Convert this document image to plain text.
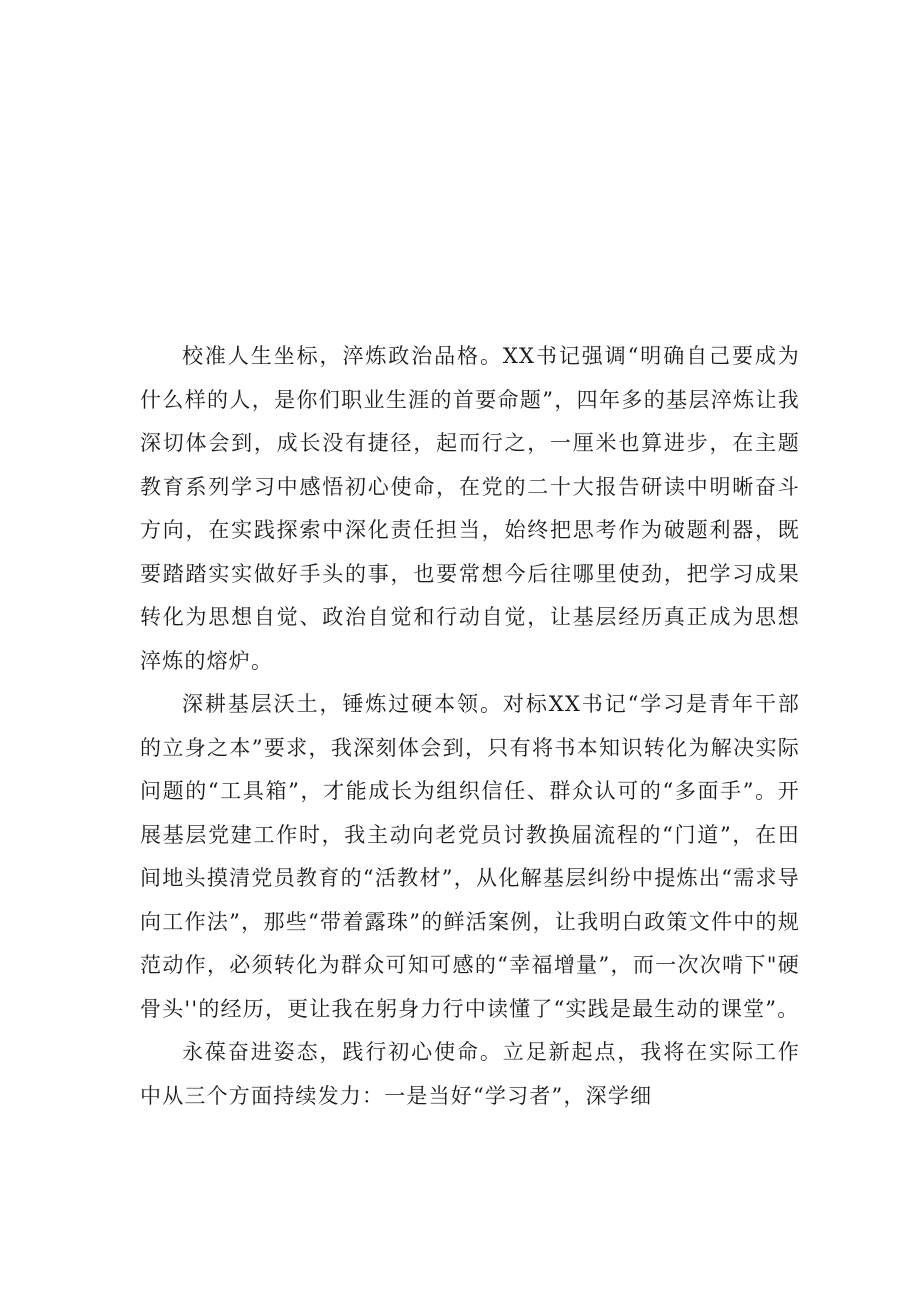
校准人生坐标，淬炼政治品格。XX书记强调“明确自己要成为什么样的人，是你们职业生涯的首要命题”，四年多的基层淬炼让我深切体会到，成长没有捷径，起而行之，一厘米也算进步，在主题教育系列学习中感悟初心使命，在党的二十大报告研读中明晰奋斗方向，在实践探索中深化责任担当，始终把思考作为破题利器，既要踏踏实实做好手头的事，也要常想今后往哪里使劲，把学习成果转化为思想自觉、政治自觉和行动自觉，让基层经历真正成为思想淬炼的熔炉。

深耕基层沃土，锤炼过硬本领。对标XX书记“学习是青年干部的立身之本”要求，我深刻体会到，只有将书本知识转化为解决实际问题的“工具箱”，才能成长为组织信任、群众认可的“多面手”。开展基层党建工作时，我主动向老党员讨教换届流程的“门道”，在田间地头摸清党员教育的“活教材”，从化解基层纠纷中提炼出“需求导向工作法”，那些“带着露珠”的鲜活案例，让我明白政策文件中的规范动作，必须转化为群众可知可感的“幸福增量”，而一次次啃下"硬骨头''的经历，更让我在躬身力行中读懂了“实践是最生动的课堂”。

永葆奋进姿态，践行初心使命。立足新起点，我将在实际工作中从三个方面持续发力：一是当好“学习者”，深学细
